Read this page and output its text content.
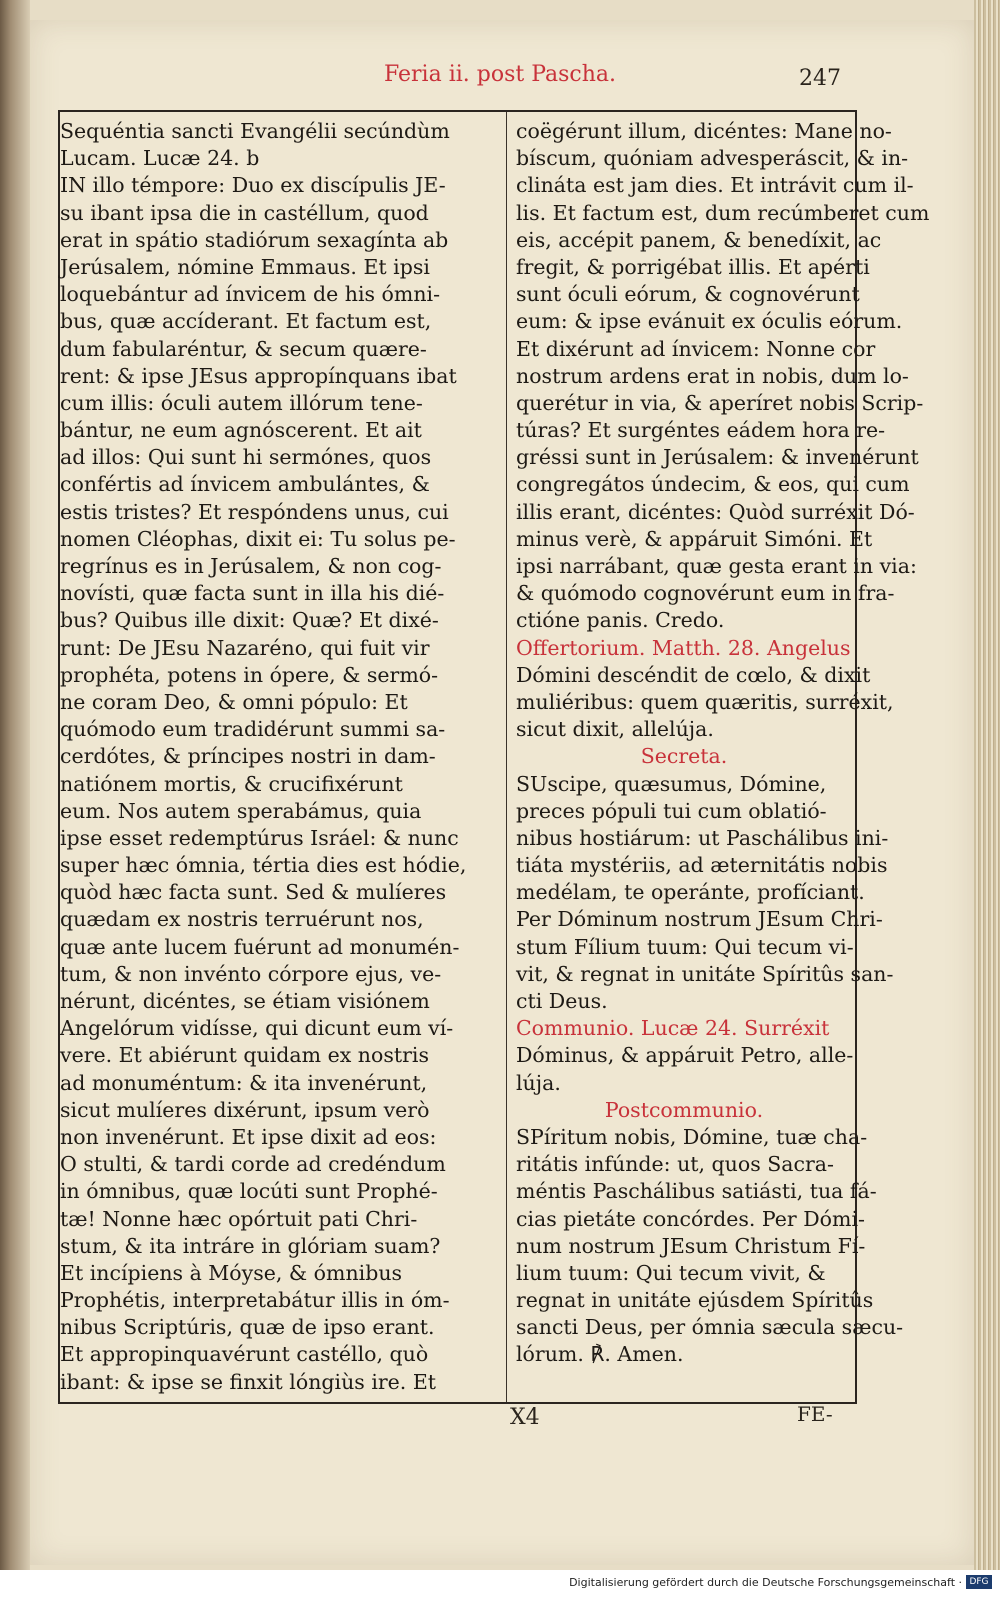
Feria ii. post Pascha.	247
Sequéntia sancti Evangélii secúndùm
Lucam. Lucæ 24. b
IN illo témpore: Duo ex discípulis JE-
su ibant ipsa die in castéllum, quod
erat in spátio stadiórum sexagínta ab
Jerúsalem, nómine Emmaus. Et ipsi
loquebántur ad ínvicem de his ómni-
bus, quæ accíderant. Et factum est,
dum fabularéntur, & secum quære-
rent: & ipse JEsus appropínquans ibat
cum illis: óculi autem illórum tene-
bántur, ne eum agnóscerent. Et ait
ad illos: Qui sunt hi sermónes, quos
confértis ad ínvicem ambulántes, &
estis tristes? Et respóndens unus, cui
nomen Cléophas, dixit ei: Tu solus pe-
regrínus es in Jerúsalem, & non cog-
novísti, quæ facta sunt in illa his dié-
bus? Quibus ille dixit: Quæ? Et dixé-
runt: De JEsu Nazaréno, qui fuit vir
prophéta, potens in ópere, & sermó-
ne coram Deo, & omni pópulo: Et
quómodo eum tradidérunt summi sa-
cerdótes, & príncipes nostri in dam-
natiónem mortis, & crucifixérunt
eum. Nos autem sperabámus, quia
ipse esset redemptúrus Isráel: & nunc
super hæc ómnia, tértia dies est hódie,
quòd hæc facta sunt. Sed & mulíeres
quædam ex nostris terruérunt nos,
quæ ante lucem fuérunt ad monumén-
tum, & non invénto córpore ejus, ve-
nérunt, dicéntes, se étiam visiónem
Angelórum vidísse, qui dicunt eum ví-
vere. Et abiérunt quidam ex nostris
ad monuméntum: & ita invenérunt,
sicut mulíeres dixérunt, ipsum verò
non invenérunt. Et ipse dixit ad eos:
O stulti, & tardi corde ad credéndum
in ómnibus, quæ locúti sunt Prophé-
tæ! Nonne hæc opórtuit pati Chri-
stum, & ita intráre in glóriam suam?
Et incípiens à Móyse, & ómnibus
Prophétis, interpretabátur illis in óm-
nibus Scriptúris, quæ de ipso erant.
Et appropinquavérunt castéllo, quò
ibant: & ipse se finxit lóngiùs ire. Et
coëgérunt illum, dicéntes: Mane no-
bíscum, quóniam advesperáscit, & in-
clináta est jam dies. Et intrávit cum il-
lis. Et factum est, dum recúmberet cum
eis, accépit panem, & benedíxit, ac
fregit, & porrigébat illis. Et apérti
sunt óculi eórum, & cognovérunt
eum: & ipse evánuit ex óculis eórum.
Et dixérunt ad ínvicem: Nonne cor
nostrum ardens erat in nobis, dum lo-
querétur in via, & aperíret nobis Scrip-
túras? Et surgéntes eádem hora re-
gréssi sunt in Jerúsalem: & invenérunt
congregátos úndecim, & eos, qui cum
illis erant, dicéntes: Quòd surréxit Dó-
minus verè, & appáruit Simóni. Et
ipsi narrábant, quæ gesta erant in via:
& quómodo cognovérunt eum in fra-
ctióne panis. Credo.
Offertorium. Matth. 28. Angelus
Dómini descéndit de cœlo, & dixit
muliéribus: quem quæritis, surréxit,
sicut dixit, allelúja.
Secreta.
SUscipe, quæsumus, Dómine,
preces pópuli tui cum oblatió-
nibus hostiárum: ut Paschálibus ini-
tiáta mystériis, ad æternitátis nobis
medélam, te operánte, profíciant.
Per Dóminum nostrum JEsum Chri-
stum Fílium tuum: Qui tecum vi-
vit, & regnat in unitáte Spíritûs san-
cti Deus.
Communio. Lucæ 24. Surréxit
Dóminus, & appáruit Petro, alle-
lúja.
Postcommunio.
SPíritum nobis, Dómine, tuæ cha-
ritátis infúnde: ut, quos Sacra-
méntis Paschálibus satiásti, tua fá-
cias pietáte concórdes. Per Dómi-
num nostrum JEsum Christum Fí-
lium tuum: Qui tecum vivit, &
regnat in unitáte ejúsdem Spíritûs
sancti Deus, per ómnia sæcula sæcu-
lórum. ℟. Amen.
X4	FE-
Digitalisierung gefördert durch die Deutsche Forschungsgemeinschaft · DFG
